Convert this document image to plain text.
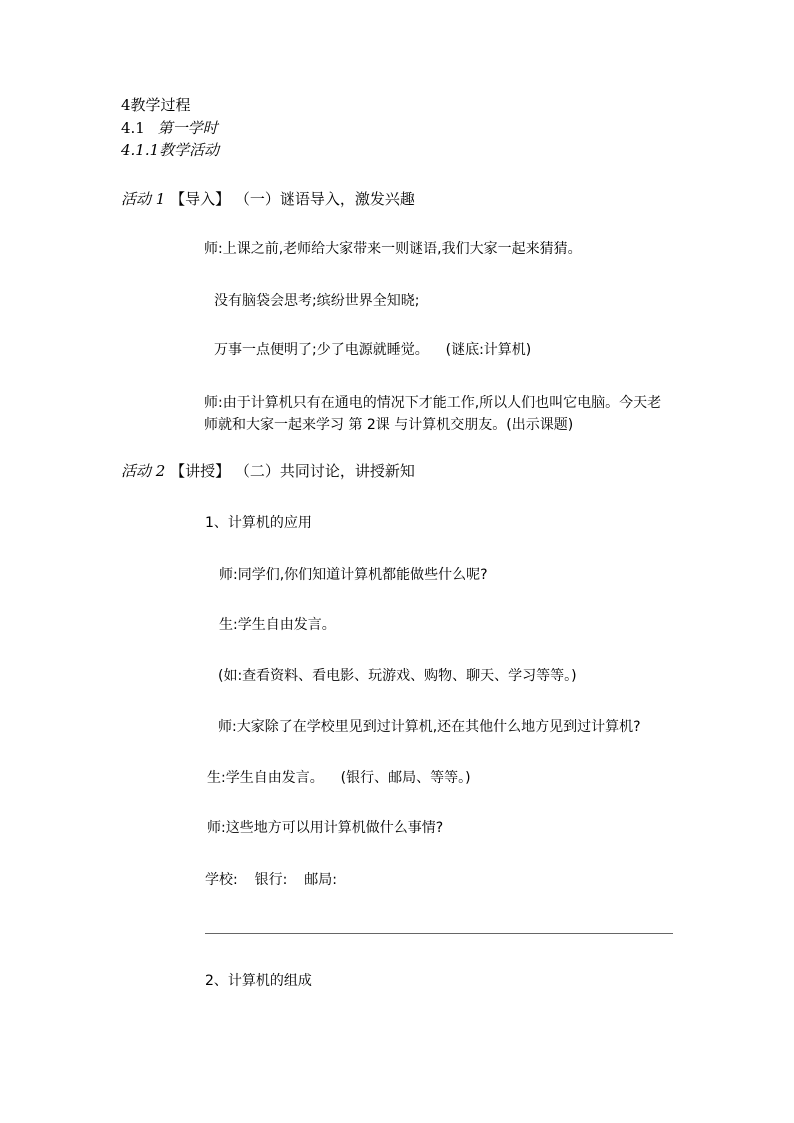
4教学过程
4.1 第一学时
4.1.1教学活动
活动 1 【导入】 （一）谜语导入，激发兴趣
师:上课之前,老师给大家带来一则谜语,我们大家一起来猜猜。
没有脑袋会思考;缤纷世界全知晓;
万事一点便明了;少了电源就睡觉。 (谜底:计算机)
师:由于计算机只有在通电的情况下才能工作,所以人们也叫它电脑。今天老师就和大家一起来学习 第 2课 与计算机交朋友。(出示课题)
活动 2 【讲授】 （二）共同讨论，讲授新知
1、计算机的应用
师:同学们,你们知道计算机都能做些什么呢?
生:学生自由发言。
(如:查看资料、看电影、玩游戏、购物、聊天、学习等等。)
师:大家除了在学校里见到过计算机,还在其他什么地方见到过计算机?
生:学生自由发言。 (银行、邮局、等等。)
师:这些地方可以用计算机做什么事情?
学校: 银行: 邮局:
2、计算机的组成
